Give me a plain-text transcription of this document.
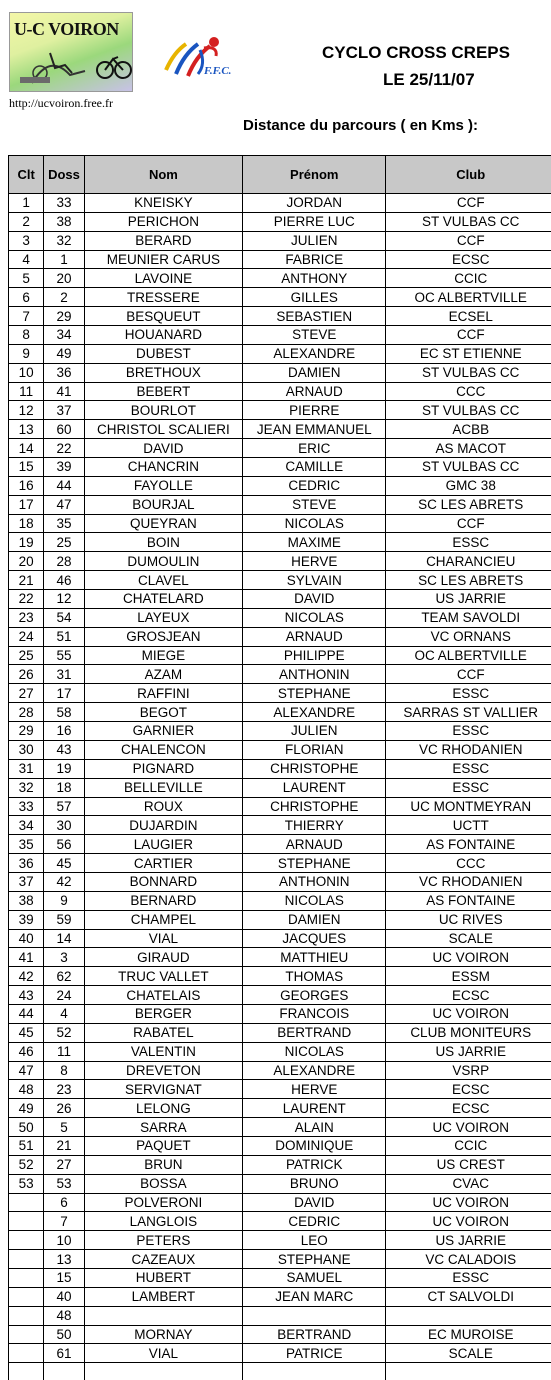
U-C VOIRON
http://ucvoiron.free.fr
F.F.C.
CYCLO CROSS CREPS
LE 25/11/07
Distance du parcours ( en Kms ):
Clt	Doss	Nom	Prénom	Club
1	33	KNEISKY	JORDAN	CCF
2	38	PERICHON	PIERRE LUC	ST VULBAS CC
3	32	BERARD	JULIEN	CCF
4	1	MEUNIER CARUS	FABRICE	ECSC
5	20	LAVOINE	ANTHONY	CCIC
6	2	TRESSERE	GILLES	OC ALBERTVILLE
7	29	BESQUEUT	SEBASTIEN	ECSEL
8	34	HOUANARD	STEVE	CCF
9	49	DUBEST	ALEXANDRE	EC ST ETIENNE
10	36	BRETHOUX	DAMIEN	ST VULBAS CC
11	41	BEBERT	ARNAUD	CCC
12	37	BOURLOT	PIERRE	ST VULBAS CC
13	60	CHRISTOL SCALIERI	JEAN EMMANUEL	ACBB
14	22	DAVID	ERIC	AS MACOT
15	39	CHANCRIN	CAMILLE	ST VULBAS CC
16	44	FAYOLLE	CEDRIC	GMC 38
17	47	BOURJAL	STEVE	SC LES ABRETS
18	35	QUEYRAN	NICOLAS	CCF
19	25	BOIN	MAXIME	ESSC
20	28	DUMOULIN	HERVE	CHARANCIEU
21	46	CLAVEL	SYLVAIN	SC LES ABRETS
22	12	CHATELARD	DAVID	US JARRIE
23	54	LAYEUX	NICOLAS	TEAM SAVOLDI
24	51	GROSJEAN	ARNAUD	VC ORNANS
25	55	MIEGE	PHILIPPE	OC ALBERTVILLE
26	31	AZAM	ANTHONIN	CCF
27	17	RAFFINI	STEPHANE	ESSC
28	58	BEGOT	ALEXANDRE	SARRAS ST VALLIER
29	16	GARNIER	JULIEN	ESSC
30	43	CHALENCON	FLORIAN	VC RHODANIEN
31	19	PIGNARD	CHRISTOPHE	ESSC
32	18	BELLEVILLE	LAURENT	ESSC
33	57	ROUX	CHRISTOPHE	UC MONTMEYRAN
34	30	DUJARDIN	THIERRY	UCTT
35	56	LAUGIER	ARNAUD	AS FONTAINE
36	45	CARTIER	STEPHANE	CCC
37	42	BONNARD	ANTHONIN	VC RHODANIEN
38	9	BERNARD	NICOLAS	AS FONTAINE
39	59	CHAMPEL	DAMIEN	UC RIVES
40	14	VIAL	JACQUES	SCALE
41	3	GIRAUD	MATTHIEU	UC VOIRON
42	62	TRUC VALLET	THOMAS	ESSM
43	24	CHATELAIS	GEORGES	ECSC
44	4	BERGER	FRANCOIS	UC VOIRON
45	52	RABATEL	BERTRAND	CLUB MONITEURS
46	11	VALENTIN	NICOLAS	US JARRIE
47	8	DREVETON	ALEXANDRE	VSRP
48	23	SERVIGNAT	HERVE	ECSC
49	26	LELONG	LAURENT	ECSC
50	5	SARRA	ALAIN	UC VOIRON
51	21	PAQUET	DOMINIQUE	CCIC
52	27	BRUN	PATRICK	US CREST
53	53	BOSSA	BRUNO	CVAC
	6	POLVERONI	DAVID	UC VOIRON
	7	LANGLOIS	CEDRIC	UC VOIRON
	10	PETERS	LEO	US JARRIE
	13	CAZEAUX	STEPHANE	VC CALADOIS
	15	HUBERT	SAMUEL	ESSC
	40	LAMBERT	JEAN MARC	CT SALVOLDI
	48			
	50	MORNAY	BERTRAND	EC MUROISE
	61	VIAL	PATRICE	SCALE
